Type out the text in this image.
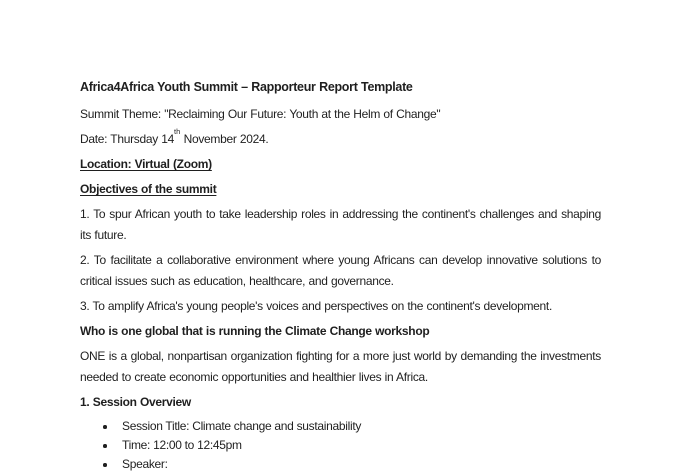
Africa4Africa Youth Summit – Rapporteur Report Template
Summit Theme: "Reclaiming Our Future: Youth at the Helm of Change"
Date: Thursday 14th November 2024.
Location: Virtual (Zoom)
Objectives of the summit
1. To spur African youth to take leadership roles in addressing the continent's challenges and shaping its future.
2. To facilitate a collaborative environment where young Africans can develop innovative solutions to critical issues such as education, healthcare, and governance.
3. To amplify Africa's young people's voices and perspectives on the continent's development.
Who is one global that is running the Climate Change workshop
ONE is a global, nonpartisan organization fighting for a more just world by demanding the investments needed to create economic opportunities and healthier lives in Africa.
1. Session Overview
Session Title: Climate change and sustainability
Time: 12:00 to 12:45pm
Speaker:
